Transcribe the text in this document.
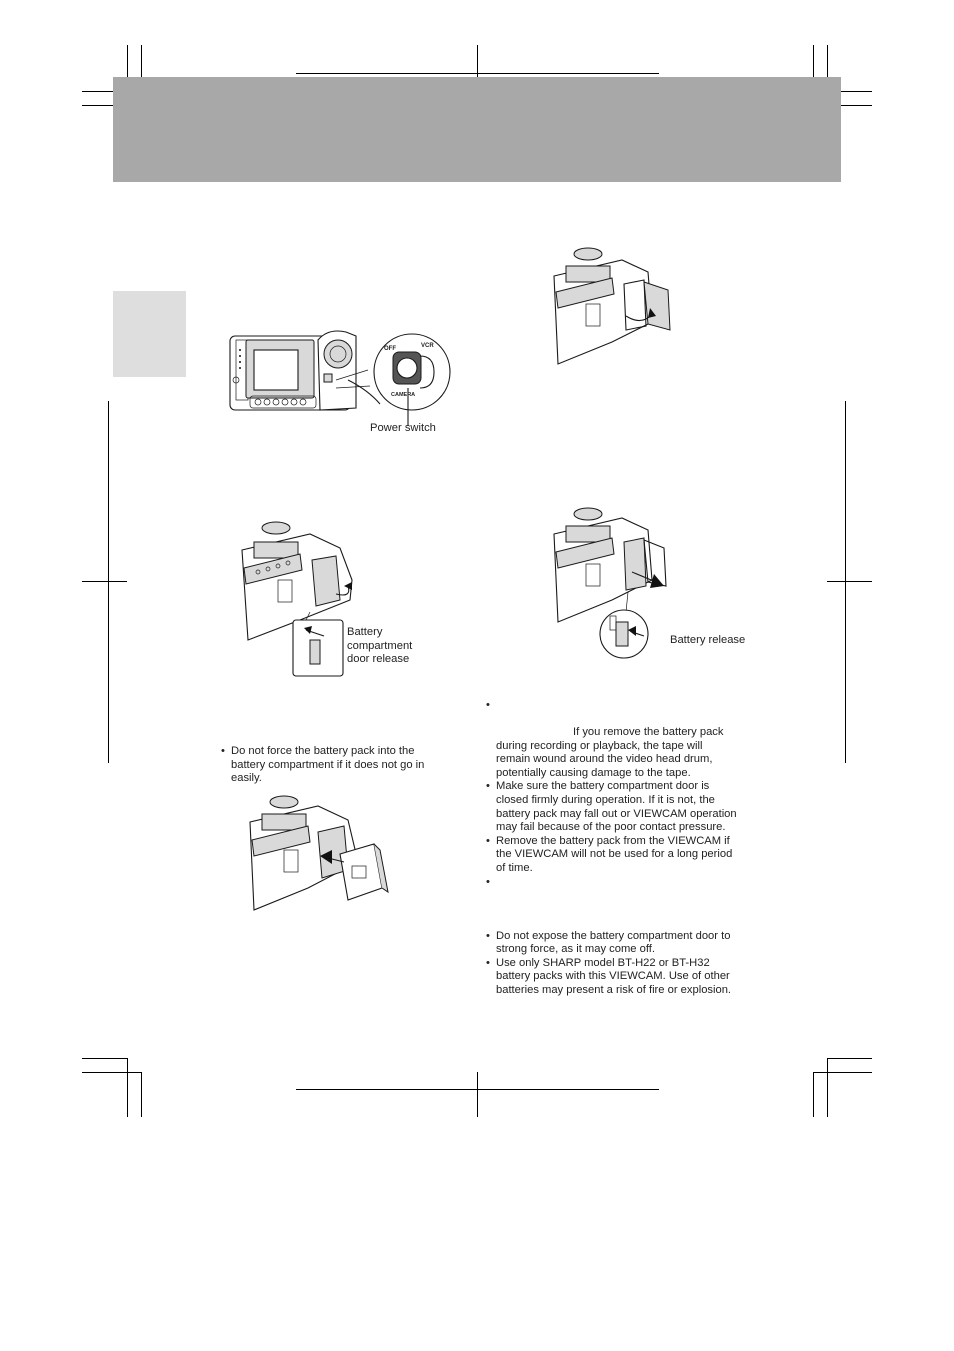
OFF	VCR
CAMERA
Power switch
Battery
compartment
door release
• Do not force the battery pack into the
battery compartment if it does not go in
easily.
Battery release
•
If you remove the battery pack
during recording or playback, the tape will
remain wound around the video head drum,
potentially causing damage to the tape.
• Make sure the battery compartment door is
closed firmly during operation. If it is not, the
battery pack may fall out or VIEWCAM operation
may fail because of the poor contact pressure.
• Remove the battery pack from the VIEWCAM if
the VIEWCAM will not be used for a long period
of time.
•
• Do not expose the battery compartment door to
strong force, as it may come off.
• Use only SHARP model BT-H22 or BT-H32
battery packs with this VIEWCAM. Use of other
batteries may present a risk of fire or explosion.
